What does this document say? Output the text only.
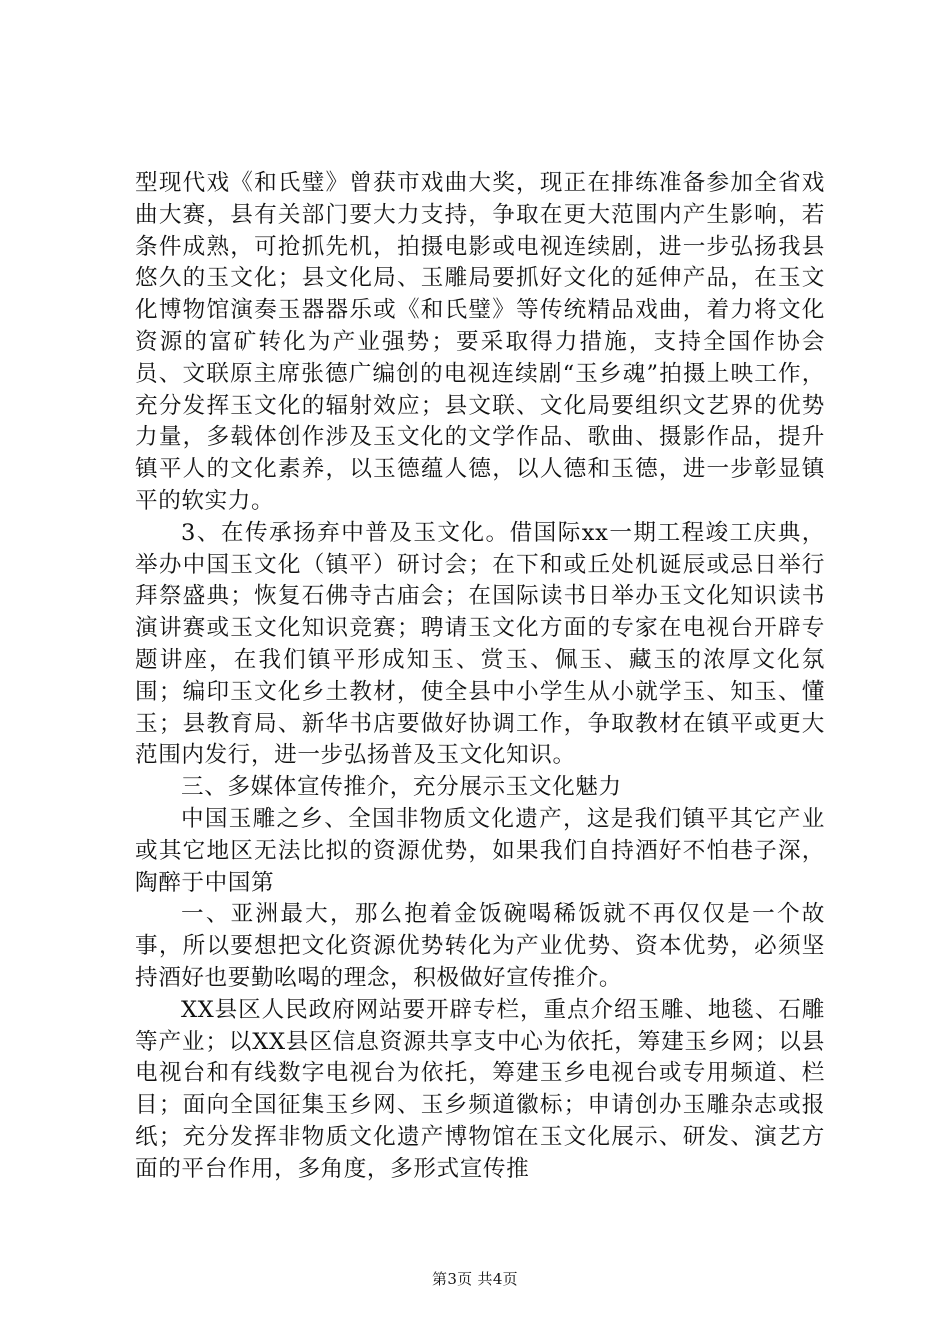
型现代戏《和氏璧》曾获市戏曲大奖，现正在排练准备参加全省戏曲大赛，县有关部门要大力支持，争取在更大范围内产生影响，若条件成熟，可抢抓先机，拍摄电影或电视连续剧，进一步弘扬我县悠久的玉文化；县文化局、玉雕局要抓好文化的延伸产品，在玉文化博物馆演奏玉器器乐或《和氏璧》等传统精品戏曲，着力将文化资源的富矿转化为产业强势；要采取得力措施，支持全国作协会员、文联原主席张德广编创的电视连续剧“玉乡魂”拍摄上映工作，充分发挥玉文化的辐射效应；县文联、文化局要组织文艺界的优势力量，多载体创作涉及玉文化的文学作品、歌曲、摄影作品，提升镇平人的文化素养，以玉德蕴人德，以人德和玉德，进一步彰显镇平的软实力。

3、在传承扬弃中普及玉文化。借国际xx一期工程竣工庆典，举办中国玉文化（镇平）研讨会；在下和或丘处机诞辰或忌日举行拜祭盛典；恢复石佛寺古庙会；在国际读书日举办玉文化知识读书演讲赛或玉文化知识竞赛；聘请玉文化方面的专家在电视台开辟专题讲座，在我们镇平形成知玉、赏玉、佩玉、藏玉的浓厚文化氛围；编印玉文化乡土教材，使全县中小学生从小就学玉、知玉、懂玉；县教育局、新华书店要做好协调工作，争取教材在镇平或更大范围内发行，进一步弘扬普及玉文化知识。

三、多媒体宣传推介，充分展示玉文化魅力

中国玉雕之乡、全国非物质文化遗产，这是我们镇平其它产业或其它地区无法比拟的资源优势，如果我们自持酒好不怕巷子深，陶醉于中国第

一、亚洲最大，那么抱着金饭碗喝稀饭就不再仅仅是一个故事，所以要想把文化资源优势转化为产业优势、资本优势，必须坚持酒好也要勤吆喝的理念，积极做好宣传推介。

XX县区人民政府网站要开辟专栏，重点介绍玉雕、地毯、石雕等产业；以XX县区信息资源共享支中心为依托，筹建玉乡网；以县电视台和有线数字电视台为依托，筹建玉乡电视台或专用频道、栏目；面向全国征集玉乡网、玉乡频道徽标；申请创办玉雕杂志或报纸；充分发挥非物质文化遗产博物馆在玉文化展示、研发、演艺方面的平台作用，多角度，多形式宣传推

第3页 共4页
